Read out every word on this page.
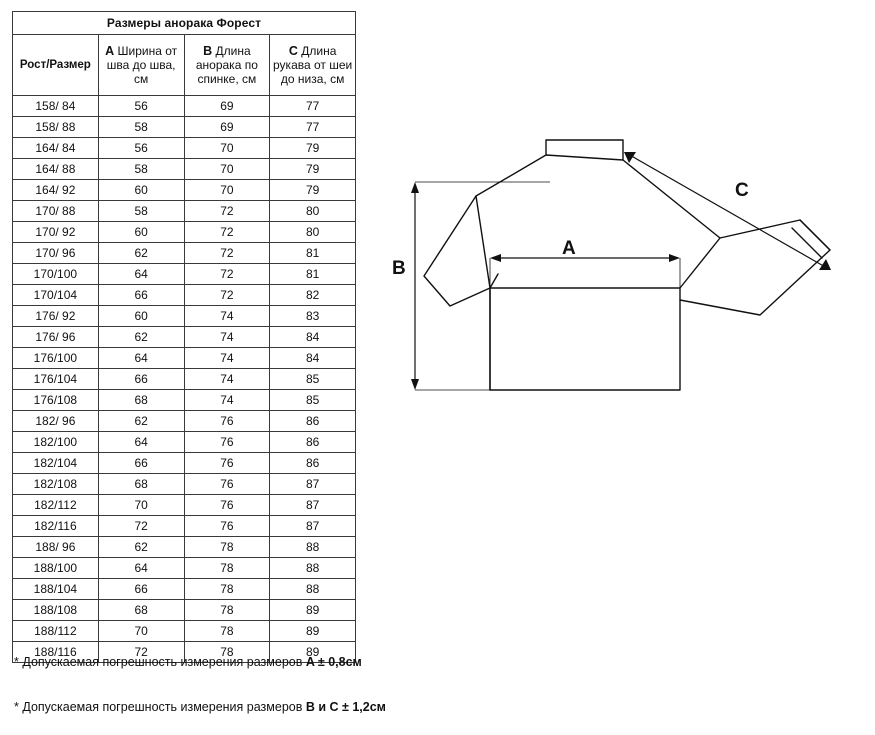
Размеры анорака Форест			
Рост/Размер	A Ширина от шва до шва, см	B Длина анорака по спинке, см	C Длина рукава от шеи до низа, см
158/ 84	56	69	77
158/ 88	58	69	77
164/ 84	56	70	79
164/ 88	58	70	79
164/ 92	60	70	79
170/ 88	58	72	80
170/ 92	60	72	80
170/ 96	62	72	81
170/100	64	72	81
170/104	66	72	82
176/ 92	60	74	83
176/ 96	62	74	84
176/100	64	74	84
176/104	66	74	85
176/108	68	74	85
182/ 96	62	76	86
182/100	64	76	86
182/104	66	76	86
182/108	68	76	87
182/112	70	76	87
182/116	72	76	87
188/ 96	62	78	88
188/100	64	78	88
188/104	66	78	88
188/108	68	78	89
188/112	70	78	89
188/116	72	78	89
* Допускаемая погрешность измерения размеров A ± 0,8см
* Допускаемая погрешность измерения размеров B и C ± 1,2см
A
B
C
